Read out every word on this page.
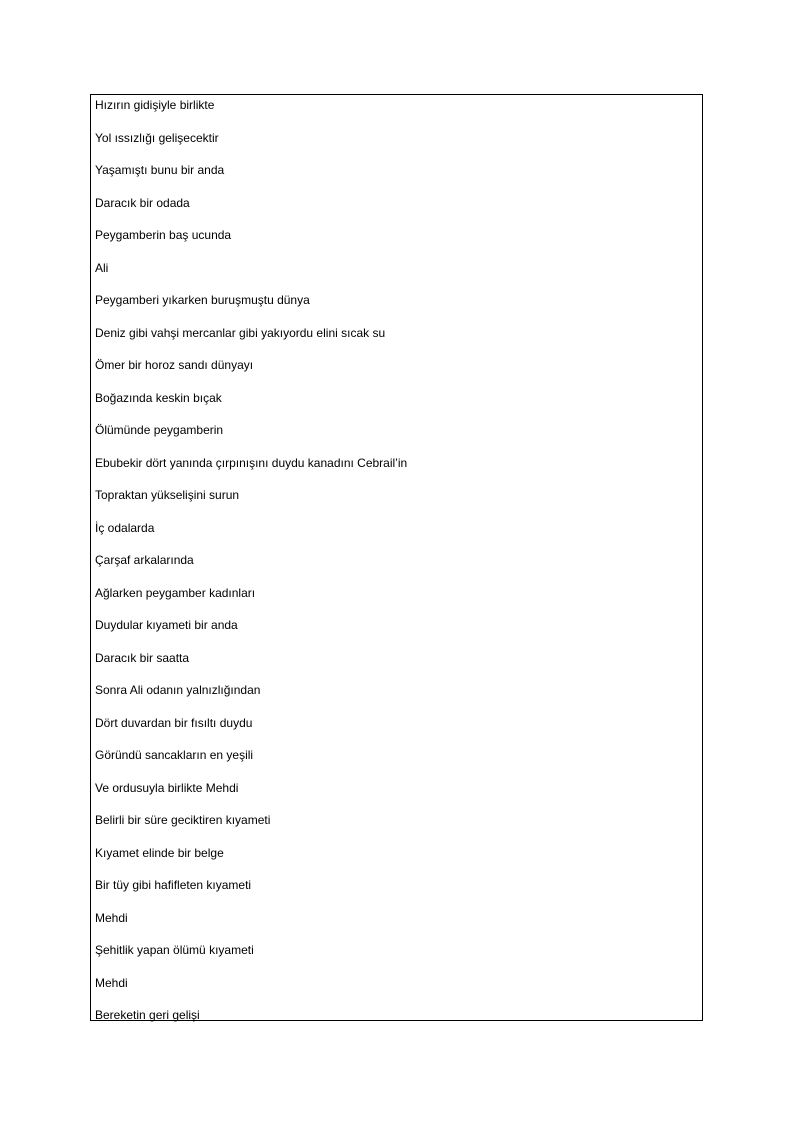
Hızırın gidişiyle birlikte
Yol ıssızlığı gelişecektir
Yaşamıştı bunu bir anda
Daracık bir odada
Peygamberin baş ucunda
Ali
Peygamberi yıkarken buruşmuştu dünya
Deniz gibi vahşi mercanlar gibi yakıyordu elini sıcak su
Ömer bir horoz sandı dünyayı
Boğazında keskin bıçak
Ölümünde peygamberin
Ebubekir dört yanında çırpınışını duydu kanadını Cebrail’in
Topraktan yükselişini surun
İç odalarda
Çarşaf arkalarında
Ağlarken peygamber kadınları
Duydular kıyameti bir anda
Daracık bir saatta
Sonra Ali odanın yalnızlığından
Dört duvardan bir fısıltı duydu
Göründü sancakların en yeşili
Ve ordusuyla birlikte Mehdi
Belirli bir süre geciktiren kıyameti
Kıyamet elinde bir belge
Bir tüy gibi hafifleten kıyameti
Mehdi
Şehitlik yapan ölümü kıyameti
Mehdi
Bereketin geri gelişi
